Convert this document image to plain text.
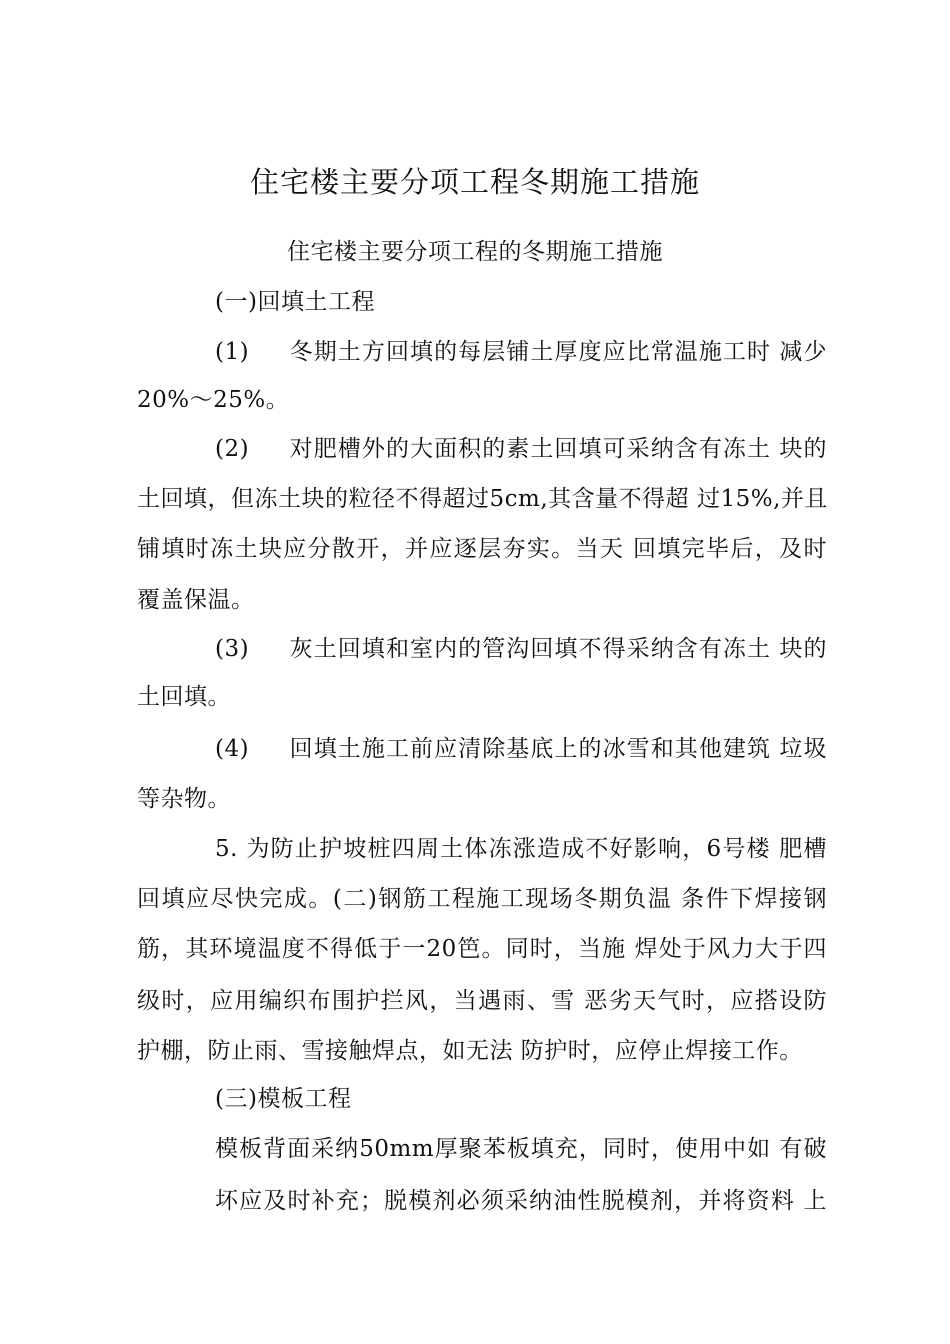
住宅楼主要分项工程冬期施工措施
住宅楼主要分项工程的冬期施工措施
(一)回填土工程
(1) 冬期土方回填的每层铺土厚度应比常温施工时 减少
20%〜25%。
(2) 对肥槽外的大面积的素土回填可采纳含有冻土 块的
土回填，但冻土块的粒径不得超过5cm,其含量不得超 过15%,并且
铺填时冻土块应分散开，并应逐层夯实。当天 回填完毕后，及时
覆盖保温。
(3) 灰土回填和室内的管沟回填不得采纳含有冻土 块的
土回填。
(4) 回填土施工前应清除基底上的冰雪和其他建筑 垃圾
等杂物。
5. 为防止护坡桩四周土体冻涨造成不好影响，6号楼 肥槽
回填应尽快完成。(二)钢筋工程施工现场冬期负温 条件下焊接钢
筋，其环境温度不得低于一20笆。同时，当施 焊处于风力大于四
级时，应用编织布围护拦风，当遇雨、雪 恶劣天气时，应搭设防
护棚，防止雨、雪接触焊点，如无法 防护时，应停止焊接工作。
(三)模板工程
模板背面采纳50mm厚聚苯板填充，同时，使用中如 有破
坏应及时补充；脱模剂必须采纳油性脱模剂，并将资料 上
